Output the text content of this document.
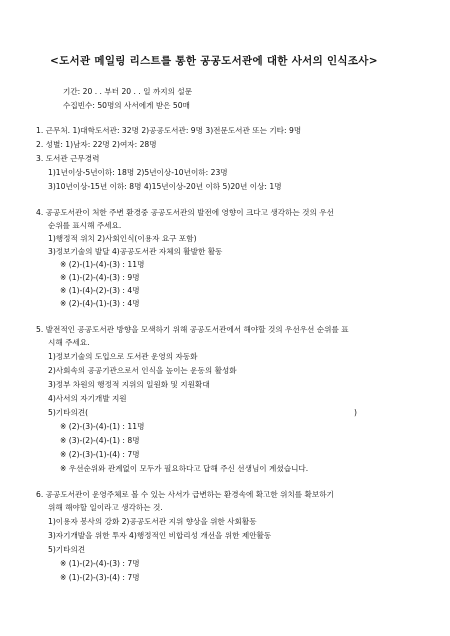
<도서관 메일링 리스트를 통한 공공도서관에 대한 사서의 인식조사>
기간: 20 . . 부터 20 . . 일 까지의 설문
수집빈수: 50명의 사서에게 받은 50매
1. 근무처. 1)대학도서관: 32명 2)공공도서관: 9명 3)전문도서관 또는 기타: 9명
2. 성별: 1)남자: 22명 2)여자: 28명
3. 도서관 근무경력
1)1년이상-5년이하: 18명 2)5년이상-10년이하: 23명
3)10년이상-15년 이하: 8명 4)15년이상-20년 이하 5)20년 이상: 1명
4. 공공도서관이 처한 주변 환경중 공공도서관의 발전에 영향이 크다고 생각하는 것의 우선
순위를 표시해 주세요.
1)행정적 위치 2)사회인식(이용자 요구 포함)
3)정보기술의 발달 4)공공도서관 자체의 활발한 활동
※ (2)-(1)-(4)-(3) : 11명
※ (1)-(2)-(4)-(3) : 9명
※ (1)-(4)-(2)-(3) : 4명
※ (2)-(4)-(1)-(3) : 4명
5. 발전적인 공공도서관 방향을 모색하기 위해 공공도서관에서 해야할 것의 우선우선 순위를 표
시해 주세요.
1)정보기술의 도입으로 도서관 운영의 자동화
2)사회속의 공공기관으로서 인식을 높이는 운동의 활성화
3)정부 차원의 행정적 지위의 일원화 및 지원확대
4)사서의 자기개발 지원
5)기타의견(	)
※ (2)-(3)-(4)-(1) : 11명
※ (3)-(2)-(4)-(1) : 8명
※ (2)-(3)-(1)-(4) : 7명
※ 우선순위와 관계없이 모두가 필요하다고 답해 주신 선생님이 계셨습니다.
6. 공공도서관이 운영주체로 볼 수 있는 사서가 급변하는 환경속에 확고한 위치를 확보하기
위해 해야할 일이라고 생각하는 것.
1)이용자 봉사의 강화 2)공공도서관 지위 향상을 위한 사회활동
3)자기개발을 위한 투자 4)행정적인 비합리성 개선을 위한 제안활동
5)기타의견
※ (1)-(2)-(4)-(3) : 7명
※ (1)-(2)-(3)-(4) : 7명
